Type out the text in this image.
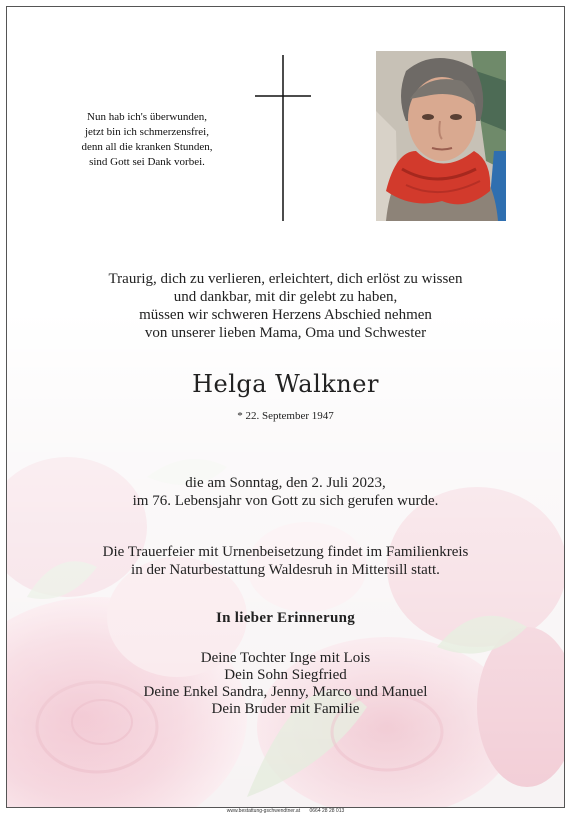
Nun hab ich's überwunden,
jetzt bin ich schmerzensfrei,
denn all die kranken Stunden,
sind Gott sei Dank vorbei.
Traurig, dich zu verlieren, erleichtert, dich erlöst zu wissen
und dankbar, mit dir gelebt zu haben,
müssen wir schweren Herzens Abschied nehmen
von unserer lieben Mama, Oma und Schwester
Helga Walkner
* 22. September 1947
die am Sonntag, den 2. Juli 2023,
im 76. Lebensjahr von Gott zu sich gerufen wurde.
Die Trauerfeier mit Urnenbeisetzung findet im Familienkreis
in der Naturbestattung Waldesruh in Mittersill statt.
In lieber Erinnerung
Deine Tochter Inge mit Lois
Dein Sohn Siegfried
Deine Enkel Sandra, Jenny, Marco und Manuel
Dein Bruder mit Familie
www.bestattung-gschwendtner.at 0664 28 28 013
